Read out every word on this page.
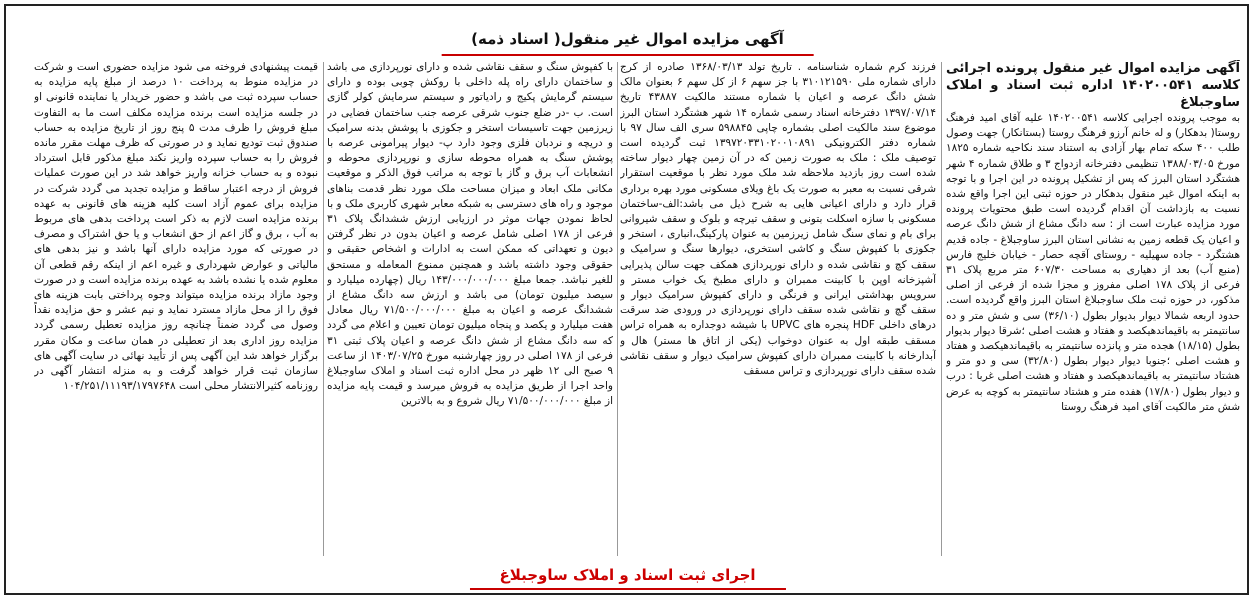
آگهی مزایده اموال غیر منقول( اسناد ذمه)

آگهی مزایده اموال غیر منقول پرونده اجرائی کلاسه ۱۴۰۲۰۰۵۴۱ اداره ثبت اسناد و املاک ساوجبلاغ

به موجب پرونده اجرایی کلاسه ۱۴۰۲۰۰۵۴۱ علیه آقای امید فرهنگ روستا( بدهکار) و له خانم آرزو فرهنگ روستا (بستانکار) جهت وصول طلب ۴۰۰ سکه تمام بهار آزادی به استناد سند نکاحیه شماره ۱۸۲۵ مورخ ۱۳۸۸/۰۳/۰۵ تنظیمی دفترخانه ازدواج ۳ و طلاق شماره ۴ شهر هشتگرد استان البرز که پس از تشکیل پرونده در این اجرا و با توجه به اینکه اموال غیر منقول بدهکار در حوزه ثبتی این اجرا واقع شده نسبت به بازداشت آن اقدام گردیده است طبق محتویات پرونده مورد مزایده عبارت است از : سه دانگ مشاع از شش دانگ عرصه و اعیان یک قطعه زمین به نشانی استان البرز ساوجبلاغ - جاده قدیم هشتگرد - جاده سهیلیه - روستای آقچه حصار - خیابان خلیج فارس (منبع آب) بعد از دهیاری به مساحت ۶۰۷/۳۰ متر مربع پلاک ۳۱ فرعی از پلاک ۱۷۸ اصلی مفروز و مجزا شده از فرعی از اصلی مذکور، در حوزه ثبت ملک ساوجبلاغ استان البرز واقع گردیده است. حدود اربعه شمالا دیوار بدیوار بطول (۳۶/۱۰) سی و شش متر و ده سانتیمتر به باقیماندهیکصد و هفتاد و هشت اصلی ؛شرقا دیوار بدیوار بطول (۱۸/۱۵) هجده متر و پانزده سانتیمتر به باقیماندهیکصد و هفتاد و هشت اصلی ؛جنوبا دیوار دیوار بطول (۳۲/۸۰) سی و دو متر و هشتاد سانتیمتر به باقیماندهیکصد و هفتاد و هشت اصلی غربا : درب و دیوار بطول (۱۷/۸۰) هفده متر و هشتاد سانتیمتر به کوچه به عرض شش متر مالکیت آقای امید فرهنگ روستا

فرزند کرم شماره شناسنامه . تاریخ تولد ۱۳۶۸/۰۳/۱۳ صادره از کرج دارای شماره ملی ۳۱۰۱۲۱۵۹۰ با جز سهم ۶ از کل سهم ۶ بعنوان مالک شش دانگ عرصه و اعیان با شماره مستند مالکیت ۴۳۸۸۷ تاریخ ۱۳۹۷/۰۷/۱۴ دفترخانه اسناد رسمی شماره ۱۴ شهر هشتگرد استان البرز موضوع سند مالکیت اصلی بشماره چاپی ۵۹۸۸۴۵ سری الف سال ۹۷ با شماره دفتر الکترونیکی ۱۳۹۷۲۰۳۳۱۰۲۰۰۱۰۸۹۱ ثبت گردیده است توصیف ملک : ملک به صورت زمین که در آن زمین چهار دیوار ساخته شده است روز بازدید ملاحظه شد ملک مورد نظر با موقعیت استقرار شرقی نسبت به معبر به صورت یک باغ ویلای مسکونی مورد بهره برداری قرار دارد و دارای اعیانی هایی به شرح ذیل می باشد:الف-ساختمان مسکونی با سازه اسکلت بتونی و سقف تیرچه و بلوک و سقف شیروانی برای بام و نمای سنگ شامل زیرزمین به عنوان پارکینگ،انباری ، استخر و جکوزی با کفپوش سنگ و کاشی استخری، دیوارها سنگ و سرامیک و سقف کچ و نقاشی شده و دارای نورپردازی همکف جهت سالن پذیرایی آشپزخانه اوپن با کابینت ممبران و دارای مطبخ یک خواب مستر و سرویس بهداشتی ایرانی و فرنگی و دارای کفپوش سرامیک دیوار و سقف گچ و نقاشی شده سقف دارای نورپردازی در ورودی ضد سرقت درهای داخلی HDF پنجره های UPVC با شیشه دوجداره به همراه تراس مسقف طبقه اول به عنوان دوخواب (یکی از اتاق ها مستر) هال و آبدارخانه با کابینت ممبران دارای کفپوش سرامیک دیوار و سقف نقاشی شده سقف دارای نورپردازی و تراس مسقف

با کفپوش سنگ و سقف نقاشی شده و دارای نورپردازی می باشد و ساختمان دارای راه پله داخلی با روکش چوبی بوده و دارای سیستم گرمایش پکیج و رادیاتور و سیستم سرمایش کولر گازی است. ب -در ضلع جنوب شرقی عرصه جنب ساختمان فضایی در زیرزمین جهت تاسیسات استخر و جکوزی با پوشش بدنه سرامیک و دریچه و نردبان فلزی وجود دارد پ- دیوار پیرامونی عرصه با پوشش سنگ به همراه محوطه سازی و نورپردازی محوطه و انشعابات آب برق و گاز با توجه به مراتب فوق الذکر و موقعیت مکانی ملک ابعاد و میزان مساحت ملک مورد نظر قدمت بناهای موجود و راه های دسترسی به شبکه معابر شهری کاربری ملک و با لحاظ نمودن جهات موثر در ارزیابی ارزش ششدانگ پلاک ۳۱ فرعی از ۱۷۸ اصلی شامل عرصه و اعیان بدون در نظر گرفتن دیون و تعهداتی که ممکن است به ادارات و اشخاص حقیقی و حقوقی وجود داشته باشد و همچنین ممنوع المعامله و مستحق للغیر نباشد. جمعا مبلغ ۱۴۳/۰۰۰/۰۰۰/۰۰۰ ریال (چهارده میلیارد و سیصد میلیون تومان) می باشد و ارزش سه دانگ مشاع از ششدانگ عرصه و اعیان به مبلغ ۷۱/۵۰۰/۰۰۰/۰۰۰ ریال معادل هفت میلیارد و یکصد و پنجاه میلیون تومان تعیین و اعلام می گردد که سه دانگ مشاع از شش دانگ عرصه و اعیان پلاک ثبتی ۳۱ فرعی از ۱۷۸ اصلی در روز چهارشنبه مورخ ۱۴۰۳/۰۷/۲۵ از ساعت ۹ صبح الی ۱۲ ظهر در محل اداره ثبت اسناد و املاک ساوجبلاغ واحد اجرا از طریق مزایده به فروش میرسد و قیمت پایه مزایده از مبلغ ۷۱/۵۰۰/۰۰۰/۰۰۰ ریال شروع و به بالاترین

قیمت پیشنهادی فروخته می شود مزایده حضوری است و شرکت در مزایده منوط به پرداخت ۱۰ درصد از مبلغ پایه مزایده به حساب سپرده ثبت می باشد و حضور خریدار یا نماینده قانونی او در جلسه مزایده است برنده مزایده مکلف است ما به التفاوت مبلغ فروش را ظرف مدت ۵ پنج روز از تاریخ مزایده به حساب صندوق ثبت تودیع نماید و در صورتی که ظرف مهلت مقرر مانده فروش را به حساب سپرده واریز نکند مبلغ مذکور قابل استرداد نبوده و به حساب خزانه واریز خواهد شد در این صورت عملیات فروش از درجه اعتبار ساقط و مزایده تجدید می گردد شرکت در مزایده برای عموم آزاد است کلیه هزینه های قانونی به عهده برنده مزایده است لازم به ذکر است پرداخت بدهی های مربوط به آب ، برق و گاز اعم از حق انشعاب و یا حق اشتراک و مصرف در صورتی که مورد مزایده دارای آنها باشد و نیز بدهی های مالیاتی و عوارض شهرداری و غیره اعم از اینکه رقم قطعی آن معلوم شده یا نشده باشد به عهده برنده مزایده است و در صورت وجود مازاد برنده مزایده میتواند وجوه پرداختی بابت هزینه های فوق را از محل مازاد مسترد نماید و نیم عشر و حق مزایده نقداً وصول می گردد ضمناً چنانچه روز مزایده تعطیل رسمی گردد مزایده روز اداری بعد از تعطیلی در همان ساعت و مکان مقرر برگزار خواهد شد این آگهی پس از تأیید نهائی در سایت آگهی های سازمان ثبت قرار خواهد گرفت و به منزله انتشار آگهی در روزنامه کثیرالانتشار محلی است ۱۰۴/۲۵۱/۱۱۱۹۳/۱۷۹۷۶۴۸

اجرای ثبت اسناد و املاک ساوجبلاغ
